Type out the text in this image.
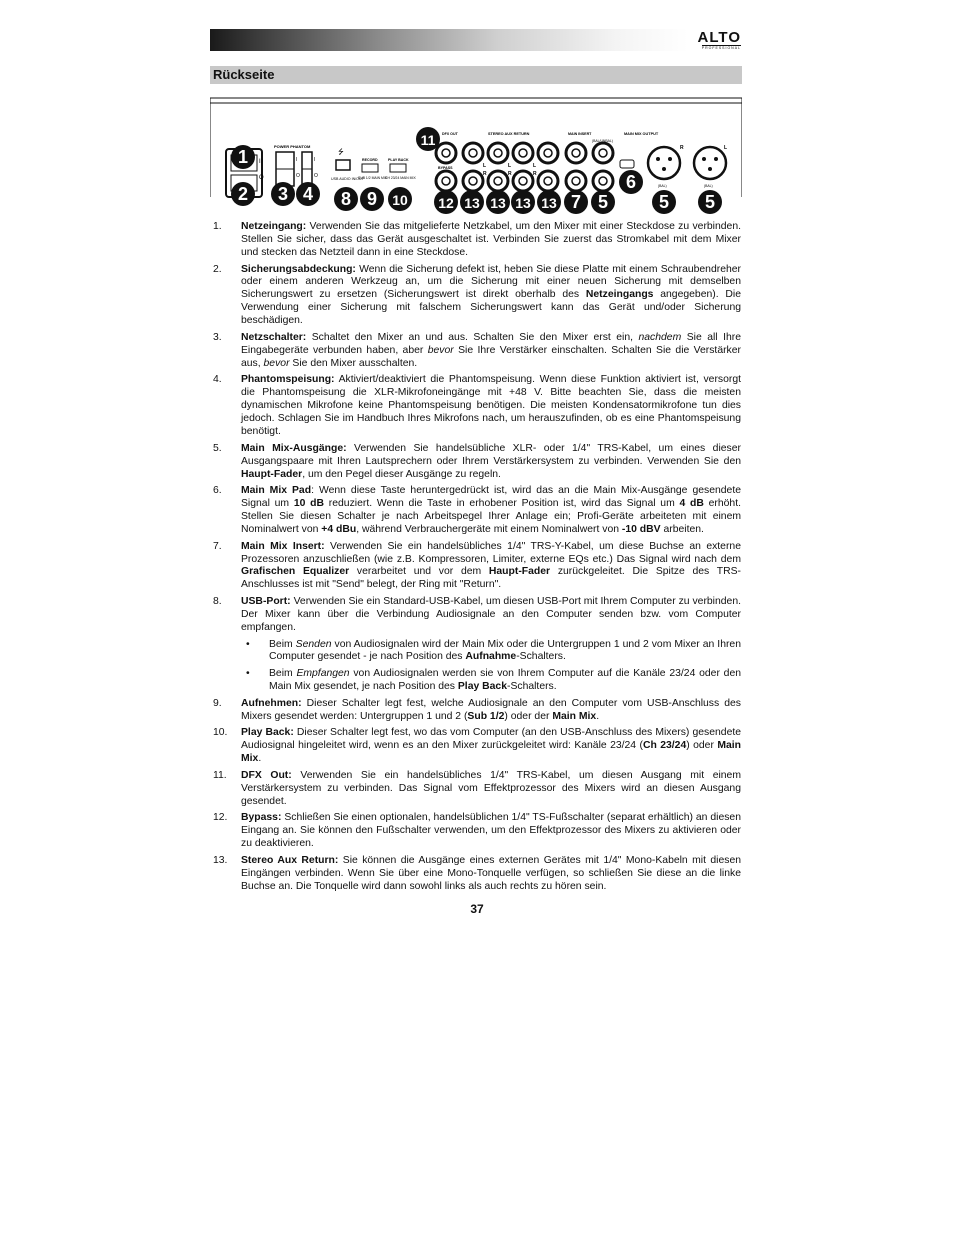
ALTO
PROFESSIONAL
Rückseite
I
O
POWER PHANTOM
I
O
I
O
⭍
USB AUDIO IN/OUT
RECORD
SUB 1/2 MAIN MIX
PLAY BACK
CH 23/24 MAIN MIX
DFX OUT
BYPASS
STEREO AUX RETURN
L	L	L
R	R	R
MAIN INSERT
(BAL/UNBAL)
MAIN MIX OUTPUT
R	L
(BAL)	(BAL)
1
2 3 4 8 9 10
11
12 13 13 13 13 7 5
6
5 5
1. Netzeingang: Verwenden Sie das mitgelieferte Netzkabel, um den Mixer mit einer Steckdose zu verbinden. Stellen Sie sicher, dass das Gerät ausgeschaltet ist. Verbinden Sie zuerst das Stromkabel mit dem Mixer und stecken das Netzteil dann in eine Steckdose.
2. Sicherungsabdeckung: Wenn die Sicherung defekt ist, heben Sie diese Platte mit einem Schraubendreher oder einem anderen Werkzeug an, um die Sicherung mit einer neuen Sicherung mit demselben Sicherungswert zu ersetzen (Sicherungswert ist direkt oberhalb des Netzeingangs angegeben). Die Verwendung einer Sicherung mit falschem Sicherungswert kann das Gerät und/oder Sicherung beschädigen.
3. Netzschalter: Schaltet den Mixer an und aus. Schalten Sie den Mixer erst ein, nachdem Sie all Ihre Eingabegeräte verbunden haben, aber bevor Sie Ihre Verstärker einschalten. Schalten Sie die Verstärker aus, bevor Sie den Mixer ausschalten.
4. Phantomspeisung: Aktiviert/deaktiviert die Phantomspeisung. Wenn diese Funktion aktiviert ist, versorgt die Phantomspeisung die XLR-Mikrofoneingänge mit +48 V. Bitte beachten Sie, dass die meisten dynamischen Mikrofone keine Phantomspeisung benötigen. Die meisten Kondensatormikrofone tun dies jedoch. Schlagen Sie im Handbuch Ihres Mikrofons nach, um herauszufinden, ob es eine Phantomspeisung benötigt.
5. Main Mix-Ausgänge: Verwenden Sie handelsübliche XLR- oder 1/4" TRS-Kabel, um eines dieser Ausgangspaare mit Ihren Lautsprechern oder Ihrem Verstärkersystem zu verbinden. Verwenden Sie den Haupt-Fader, um den Pegel dieser Ausgänge zu regeln.
6. Main Mix Pad: Wenn diese Taste heruntergedrückt ist, wird das an die Main Mix-Ausgänge gesendete Signal um 10 dB reduziert. Wenn die Taste in erhobener Position ist, wird das Signal um 4 dB erhöht. Stellen Sie diesen Schalter je nach Arbeitspegel Ihrer Anlage ein; Profi-Geräte arbeiteten mit einem Nominalwert von +4 dBu, während Verbrauchergeräte mit einem Nominalwert von -10 dBV arbeiten.
7. Main Mix Insert: Verwenden Sie ein handelsübliches 1/4" TRS-Y-Kabel, um diese Buchse an externe Prozessoren anzuschließen (wie z.B. Kompressoren, Limiter, externe EQs etc.) Das Signal wird nach dem Grafischen Equalizer verarbeitet und vor dem Haupt-Fader zurückgeleitet. Die Spitze des TRS-Anschlusses ist mit "Send" belegt, der Ring mit "Return".
8. USB-Port: Verwenden Sie ein Standard-USB-Kabel, um diesen USB-Port mit Ihrem Computer zu verbinden. Der Mixer kann über die Verbindung Audiosignale an den Computer senden bzw. vom Computer empfangen.
• Beim Senden von Audiosignalen wird der Main Mix oder die Untergruppen 1 und 2 vom Mixer an Ihren Computer gesendet - je nach Position des Aufnahme-Schalters.
• Beim Empfangen von Audiosignalen werden sie von Ihrem Computer auf die Kanäle 23/24 oder den Main Mix gesendet, je nach Position des Play Back-Schalters.
9. Aufnehmen: Dieser Schalter legt fest, welche Audiosignale an den Computer vom USB-Anschluss des Mixers gesendet werden: Untergruppen 1 und 2 (Sub 1/2) oder der Main Mix.
10. Play Back: Dieser Schalter legt fest, wo das vom Computer (an den USB-Anschluss des Mixers) gesendete Audiosignal hingeleitet wird, wenn es an den Mixer zurückgeleitet wird: Kanäle 23/24 (Ch 23/24) oder Main Mix.
11. DFX Out: Verwenden Sie ein handelsübliches 1/4" TRS-Kabel, um diesen Ausgang mit einem Verstärkersystem zu verbinden. Das Signal vom Effektprozessor des Mixers wird an diesen Ausgang gesendet.
12. Bypass: Schließen Sie einen optionalen, handelsüblichen 1/4" TS-Fußschalter (separat erhältlich) an diesen Eingang an. Sie können den Fußschalter verwenden, um den Effektprozessor des Mixers zu aktivieren oder zu deaktivieren.
13. Stereo Aux Return: Sie können die Ausgänge eines externen Gerätes mit 1/4" Mono-Kabeln mit diesen Eingängen verbinden. Wenn Sie über eine Mono-Tonquelle verfügen, so schließen Sie diese an die linke Buchse an. Die Tonquelle wird dann sowohl links als auch rechts zu hören sein.
37
